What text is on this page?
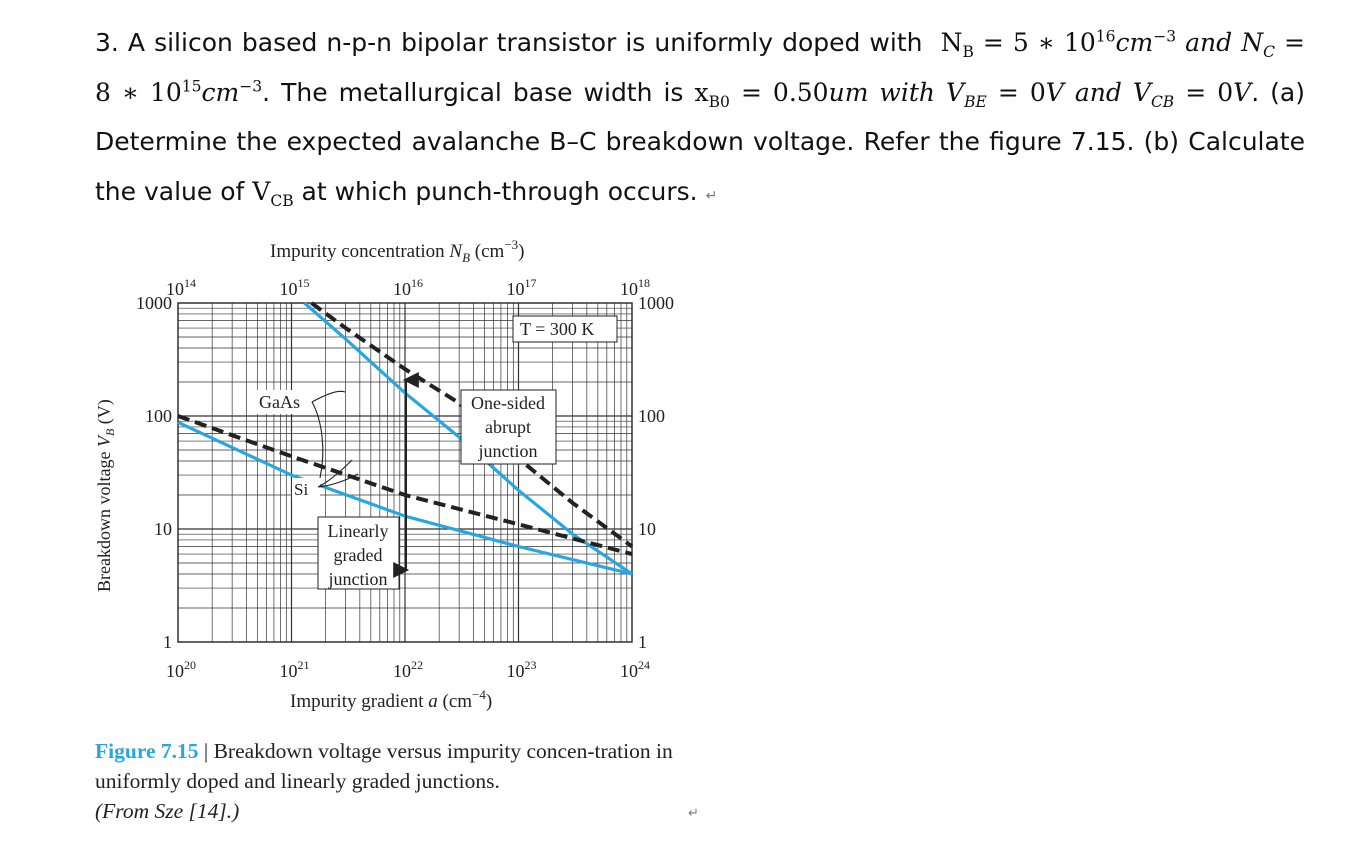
3. A silicon based n-p-n bipolar transistor is uniformly doped with $N_B = 5$ ∗ $10^{16}cm^{-3}$ and $N_C = 8$ ∗ $10^{15}cm^{-3}$. The metallurgical base width is $x_{B0} = 0.50um$ with $V_{BE} = 0V$ and $V_{CB} = 0V$. (a) Determine the expected avalanche B–C breakdown voltage. Refer the figure 7.15. (b) Calculate the value of $V_{CB}$ at which punch-through occurs. ↵
Impurity concentration $N_B$ $(cm^{-3})$
$10^{14}$	$10^{15}$	$10^{16}$	$10^{17}$	$10^{18}$
$10^{20}$	$10^{21}$	$10^{22}$	$10^{23}$	$10^{24}$
1000	1000
100	100
10	10
1	1
Impurity gradient a $(cm^{-4})$
Breakdown voltage $V_B$ (V)
T = 300 K
GaAs
Si
One-sided
abrupt
junction
Linearly
graded
junction
Figure 7.15 | Breakdown voltage versus impurity concen-tration in uniformly doped and linearly graded junctions.
(From Sze [14].)	↵
